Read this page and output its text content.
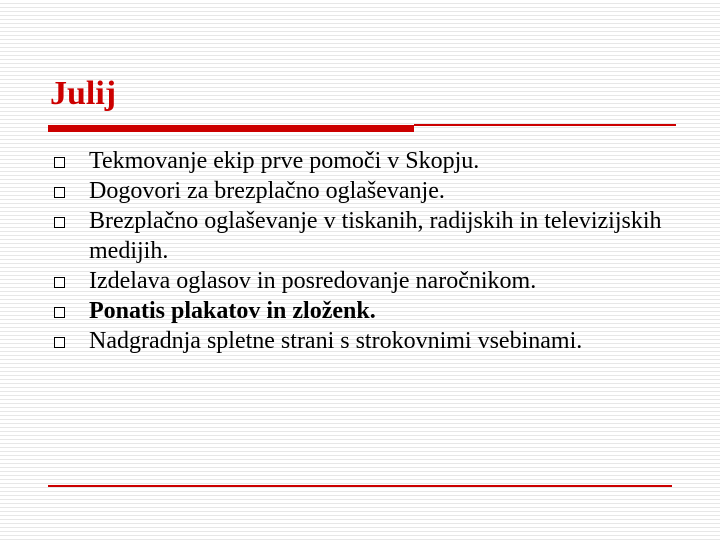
Julij
Tekmovanje ekip prve pomoči v Skopju.
Dogovori za brezplačno oglaševanje.
Brezplačno oglaševanje v tiskanih, radijskih in televizijskih medijih.
Izdelava oglasov in posredovanje naročnikom.
Ponatis plakatov in zloženk.
Nadgradnja spletne strani s strokovnimi vsebinami.
